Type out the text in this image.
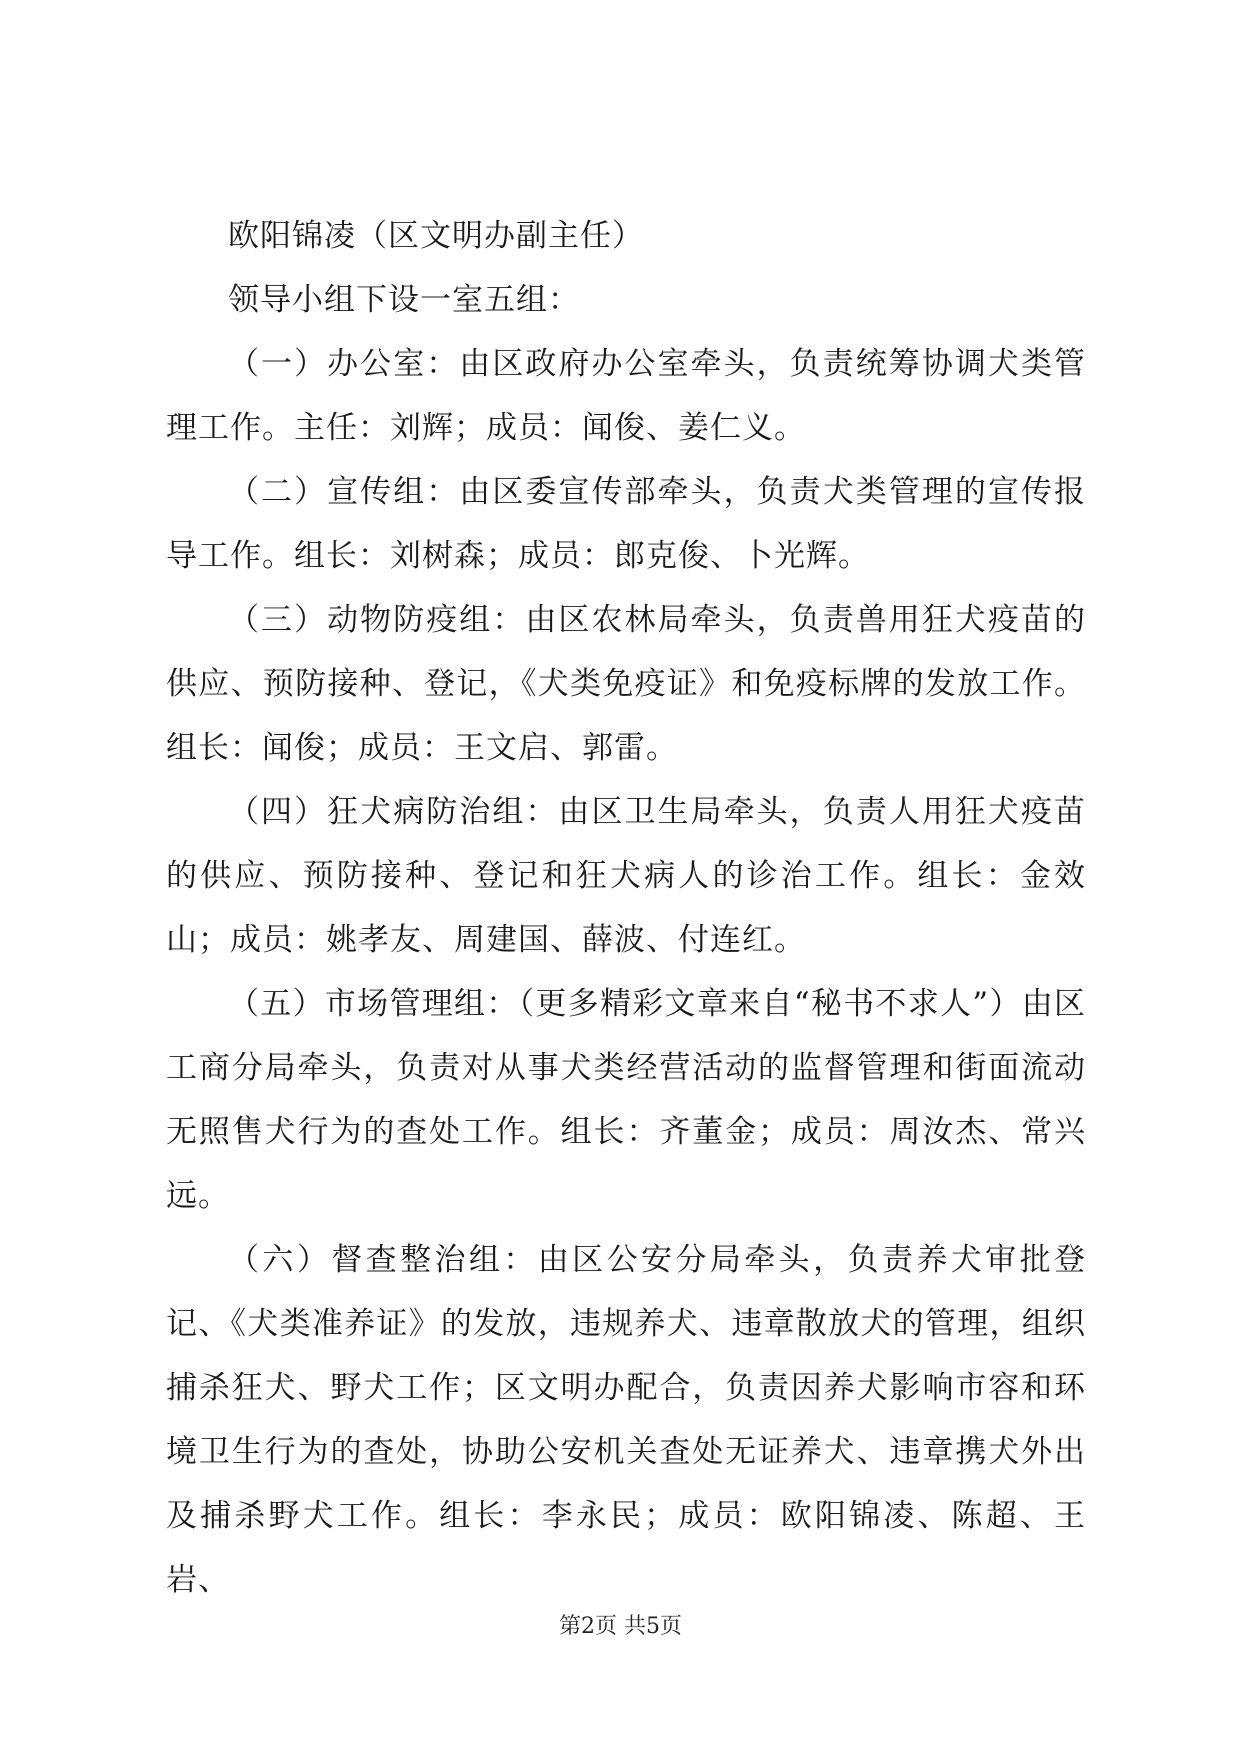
欧阳锦凌（区文明办副主任）

领导小组下设一室五组：

（一）办公室：由区政府办公室牵头，负责统筹协调犬类管理工作。主任：刘辉；成员：闻俊、姜仁义。

（二）宣传组：由区委宣传部牵头，负责犬类管理的宣传报导工作。组长：刘树森；成员：郎克俊、卜光辉。

（三）动物防疫组：由区农林局牵头，负责兽用狂犬疫苗的供应、预防接种、登记，《犬类免疫证》和免疫标牌的发放工作。组长：闻俊；成员：王文启、郭雷。

（四）狂犬病防治组：由区卫生局牵头，负责人用狂犬疫苗的供应、预防接种、登记和狂犬病人的诊治工作。组长：金效山；成员：姚孝友、周建国、薛波、付连红。

（五）市场管理组：（更多精彩文章来自“秘书不求人”）由区工商分局牵头，负责对从事犬类经营活动的监督管理和街面流动无照售犬行为的查处工作。组长：齐董金；成员：周汝杰、常兴远。

（六）督查整治组：由区公安分局牵头，负责养犬审批登记、《犬类准养证》的发放，违规养犬、违章散放犬的管理，组织捕杀狂犬、野犬工作；区文明办配合，负责因养犬影响市容和环境卫生行为的查处，协助公安机关查处无证养犬、违章携犬外出及捕杀野犬工作。组长：李永民；成员：欧阳锦凌、陈超、王岩、

第2页 共5页
